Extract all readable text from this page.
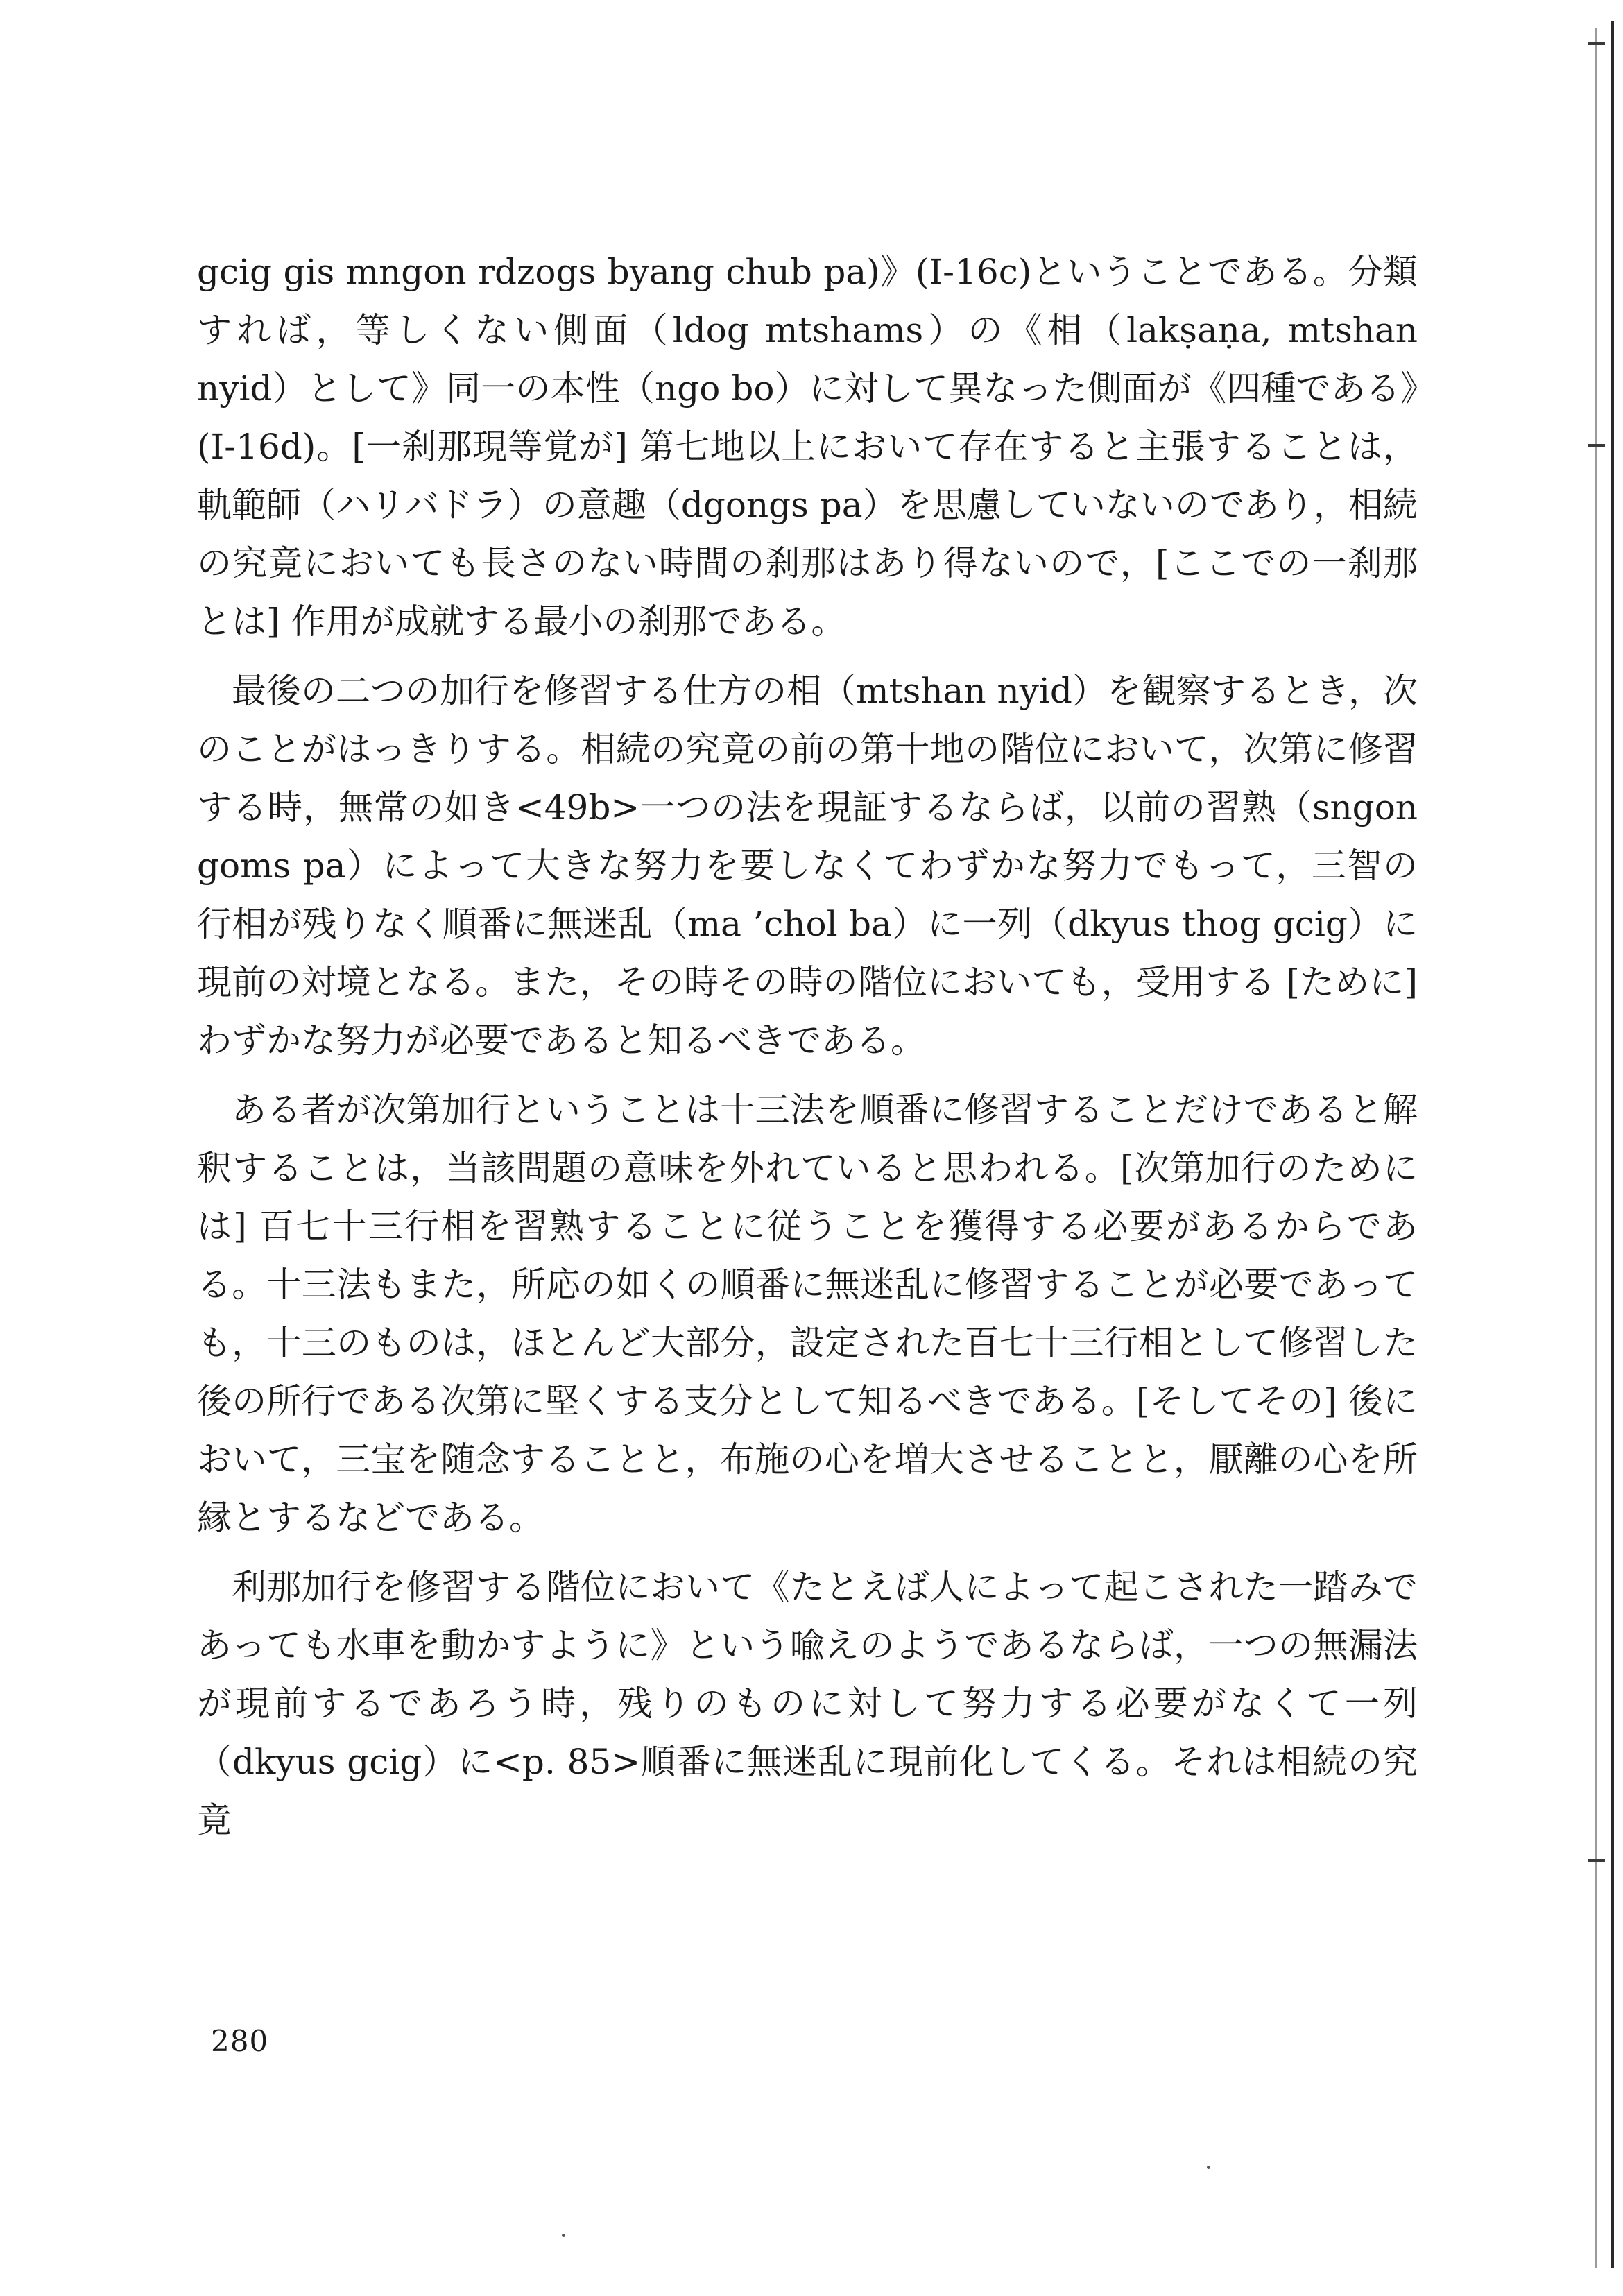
gcig gis mngon rdzogs byang chub pa)》(I-16c)ということである。分類すれば，等しくない側面（ldog mtshams）の《相（lakṣaṇa, mtshan nyid）として》同一の本性（ngo bo）に対して異なった側面が《四種である》(I-16d)。[一刹那現等覚が] 第七地以上において存在すると主張することは，軌範師（ハリバドラ）の意趣（dgongs pa）を思慮していないのであり，相続の究竟においても長さのない時間の刹那はあり得ないので，[ここでの一刹那とは] 作用が成就する最小の刹那である。

最後の二つの加行を修習する仕方の相（mtshan nyid）を観察するとき，次のことがはっきりする。相続の究竟の前の第十地の階位において，次第に修習する時，無常の如き<49b>一つの法を現証するならば，以前の習熟（sngon goms pa）によって大きな努力を要しなくてわずかな努力でもって，三智の行相が残りなく順番に無迷乱（ma ’chol ba）に一列（dkyus thog gcig）に現前の対境となる。また，その時その時の階位においても，受用する [ために] わずかな努力が必要であると知るべきである。

ある者が次第加行ということは十三法を順番に修習することだけであると解釈することは，当該問題の意味を外れていると思われる。[次第加行のためには] 百七十三行相を習熟することに従うことを獲得する必要があるからである。十三法もまた，所応の如くの順番に無迷乱に修習することが必要であっても，十三のものは，ほとんど大部分，設定された百七十三行相として修習した後の所行である次第に堅くする支分として知るべきである。[そしてその] 後において，三宝を随念することと，布施の心を増大させることと，厭離の心を所縁とするなどである。

利那加行を修習する階位において《たとえば人によって起こされた一踏みであっても水車を動かすように》という喩えのようであるならば，一つの無漏法が現前するであろう時，残りのものに対して努力する必要がなくて一列（dkyus gcig）に<p. 85>順番に無迷乱に現前化してくる。それは相続の究竟

280
